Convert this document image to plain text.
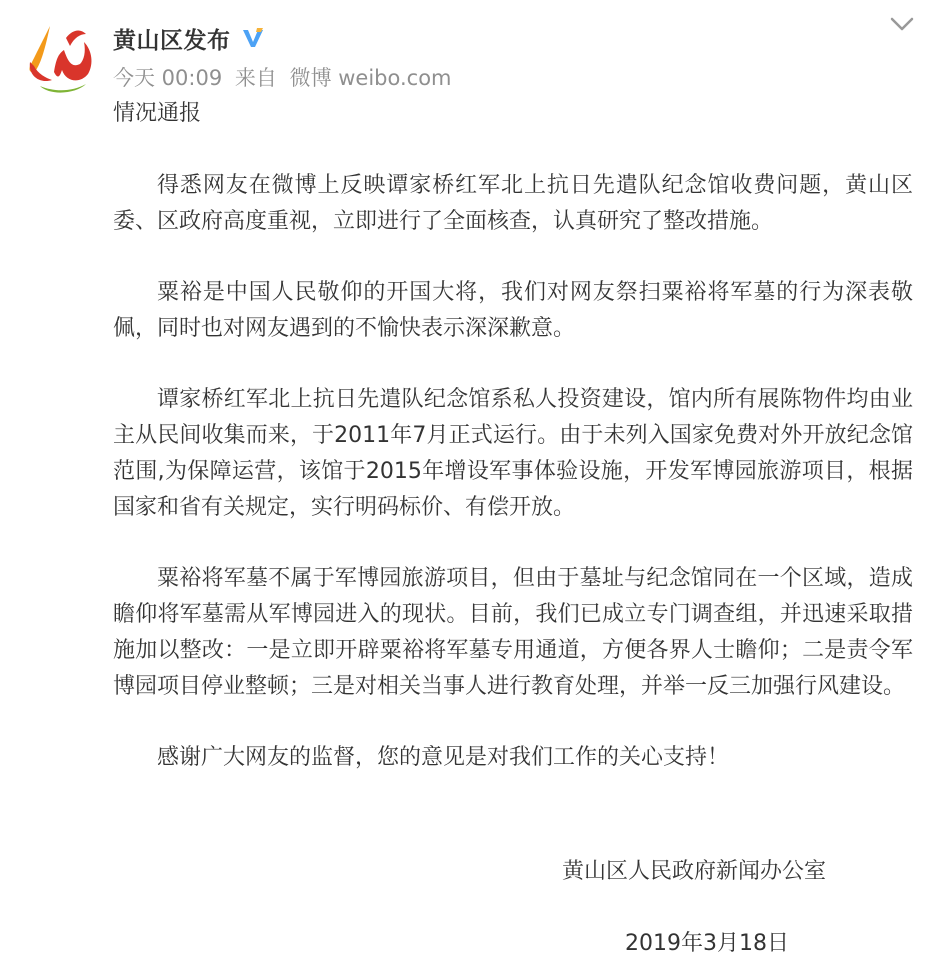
黄山区发布
今天 00:09 来自 微博 weibo.com

情况通报

得悉网友在微博上反映谭家桥红军北上抗日先遣队纪念馆收费问题，黄山区委、区政府高度重视，立即进行了全面核查，认真研究了整改措施。

粟裕是中国人民敬仰的开国大将，我们对网友祭扫粟裕将军墓的行为深表敬佩，同时也对网友遇到的不愉快表示深深歉意。

谭家桥红军北上抗日先遣队纪念馆系私人投资建设，馆内所有展陈物件均由业主从民间收集而来，于2011年7月正式运行。由于未列入国家免费对外开放纪念馆范围,为保障运营，该馆于2015年增设军事体验设施，开发军博园旅游项目，根据国家和省有关规定，实行明码标价、有偿开放。

粟裕将军墓不属于军博园旅游项目，但由于墓址与纪念馆同在一个区域，造成瞻仰将军墓需从军博园进入的现状。目前，我们已成立专门调查组，并迅速采取措施加以整改：一是立即开辟粟裕将军墓专用通道，方便各界人士瞻仰；二是责令军博园项目停业整顿；三是对相关当事人进行教育处理，并举一反三加强行风建设。

感谢广大网友的监督，您的意见是对我们工作的关心支持！

黄山区人民政府新闻办公室
2019年3月18日
